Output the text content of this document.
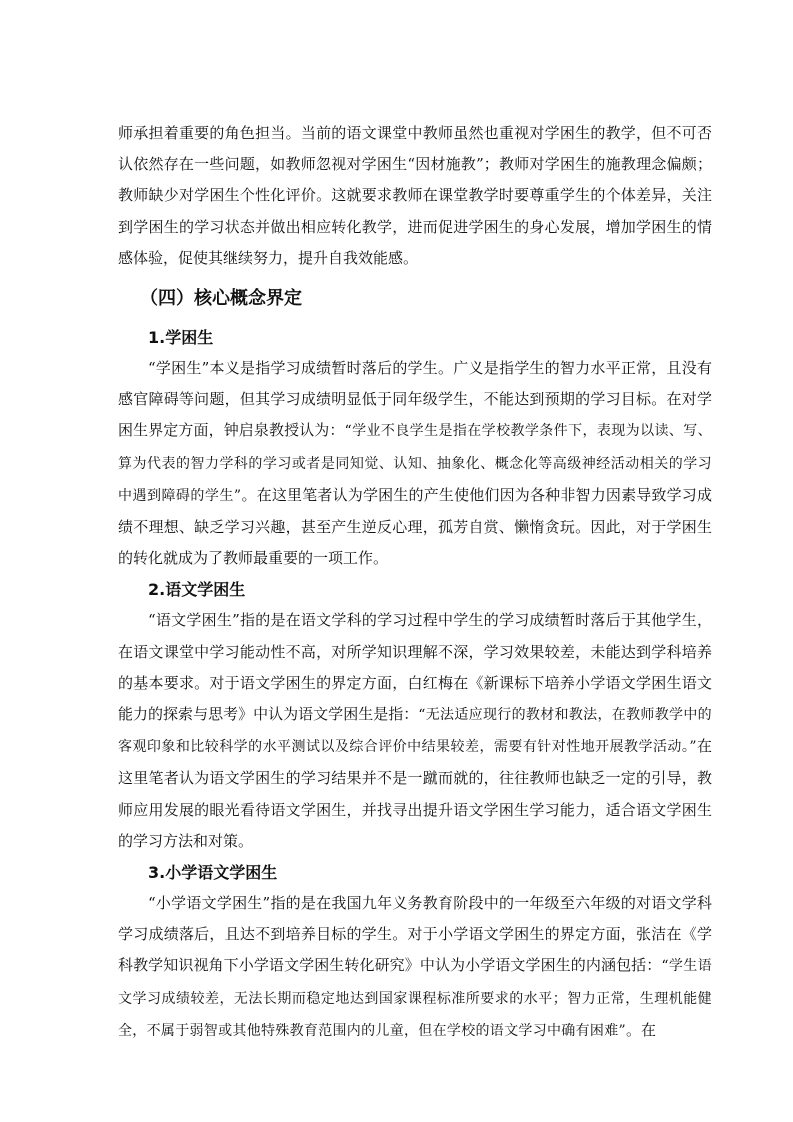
师承担着重要的角色担当。当前的语文课堂中教师虽然也重视对学困生的教学，但不可否认依然存在一些问题，如教师忽视对学困生“因材施教”；教师对学困生的施教理念偏颇；教师缺少对学困生个性化评价。这就要求教师在课堂教学时要尊重学生的个体差异，关注到学困生的学习状态并做出相应转化教学，进而促进学困生的身心发展，增加学困生的情感体验，促使其继续努力，提升自我效能感。

（四）核心概念界定
1.学困生

“学困生”本义是指学习成绩暂时落后的学生。广义是指学生的智力水平正常，且没有感官障碍等问题，但其学习成绩明显低于同年级学生，不能达到预期的学习目标。在对学困生界定方面，钟启泉教授认为：“学业不良学生是指在学校教学条件下，表现为以读、写、算为代表的智力学科的学习或者是同知觉、认知、抽象化、概念化等高级神经活动相关的学习中遇到障碍的学生”。在这里笔者认为学困生的产生使他们因为各种非智力因素导致学习成绩不理想、缺乏学习兴趣，甚至产生逆反心理，孤芳自赏、懒惰贪玩。因此，对于学困生的转化就成为了教师最重要的一项工作。

2.语文学困生

“语文学困生”指的是在语文学科的学习过程中学生的学习成绩暂时落后于其他学生，在语文课堂中学习能动性不高，对所学知识理解不深，学习效果较差，未能达到学科培养的基本要求。对于语文学困生的界定方面，白红梅在《新课标下培养小学语文学困生语文能力的探索与思考》中认为语文学困生是指：“无法适应现行的教材和教法，在教师教学中的客观印象和比较科学的水平测试以及综合评价中结果较差，需要有针对性地开展教学活动。”在这里笔者认为语文学困生的学习结果并不是一蹴而就的，往往教师也缺乏一定的引导，教师应用发展的眼光看待语文学困生，并找寻出提升语文学困生学习能力，适合语文学困生的学习方法和对策。

3.小学语文学困生

“小学语文学困生”指的是在我国九年义务教育阶段中的一年级至六年级的对语文学科学习成绩落后，且达不到培养目标的学生。对于小学语文学困生的界定方面，张洁在《学科教学知识视角下小学语文学困生转化研究》中认为小学语文学困生的内涵包括：“学生语文学习成绩较差，无法长期而稳定地达到国家课程标准所要求的水平；智力正常，生理机能健全，不属于弱智或其他特殊教育范围内的儿童，但在学校的语文学习中确有困难”。在
